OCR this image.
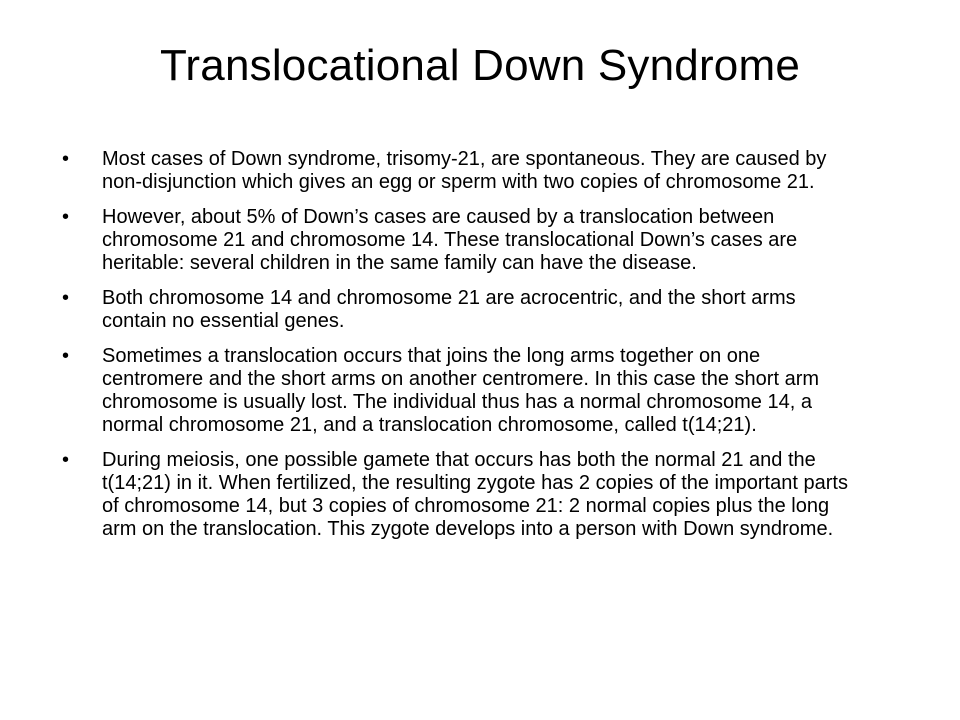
Translocational Down Syndrome
•	Most cases of Down syndrome, trisomy-21, are spontaneous. They are caused by non-disjunction which gives an egg or sperm with two copies of chromosome 21.
•	However, about 5% of Down’s cases are caused by a translocation between chromosome 21 and chromosome 14. These translocational Down’s cases are heritable: several children in the same family can have the disease.
•	Both chromosome 14 and chromosome 21 are acrocentric, and the short arms contain no essential genes.
•	Sometimes a translocation occurs that joins the long arms together on one centromere and the short arms on another centromere. In this case the short arm chromosome is usually lost. The individual thus has a normal chromosome 14, a normal chromosome 21, and a translocation chromosome, called t(14;21).
•	During meiosis, one possible gamete that occurs has both the normal 21 and the t(14;21) in it. When fertilized, the resulting zygote has 2 copies of the important parts of chromosome 14, but 3 copies of chromosome 21: 2 normal copies plus the long arm on the translocation. This zygote develops into a person with Down syndrome.
